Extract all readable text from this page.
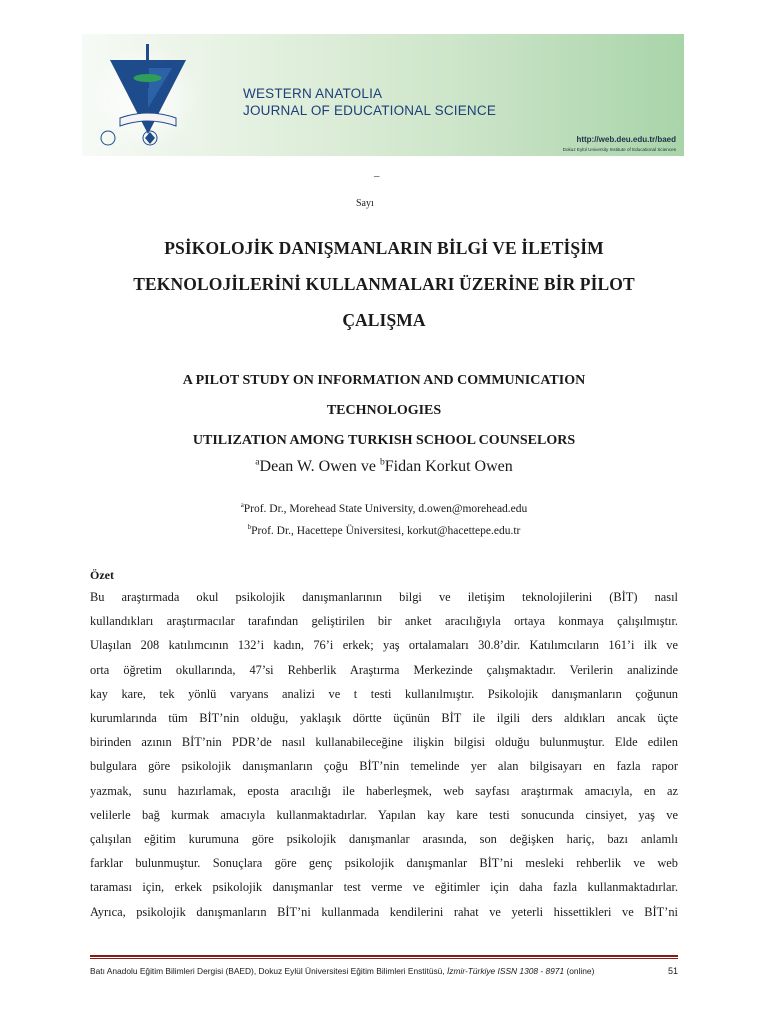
WESTERN ANATOLIA
JOURNAL OF EDUCATIONAL SCIENCE
http://web.deu.edu.tr/baed
Dokuz Eylül University Institute of Educational Sciences
–
Sayı
PSİKOLOJİK DANIŞMANLARIN BİLGİ VE İLETİŞİM
TEKNOLOJİLERİNİ KULLANMALARI ÜZERİNE BİR PİLOT
ÇALIŞMA
A PILOT STUDY ON INFORMATION AND COMMUNICATION
TECHNOLOGIES
UTILIZATION AMONG TURKISH SCHOOL COUNSELORS
$^a$Dean W. Owen ve $^b$Fidan Korkut Owen
$^a$Prof. Dr., Morehead State University, d.owen@morehead.edu
$^b$Prof. Dr., Hacettepe Üniversitesi, korkut@hacettepe.edu.tr
Özet
Bu araştırmada okul psikolojik danışmanlarının bilgi ve iletişim teknolojilerini (BİT) nasıl
kullandıkları araştırmacılar tarafından geliştirilen bir anket aracılığıyla ortaya konmaya çalışılmıştır.
Ulaşılan 208 katılımcının 132’i kadın, 76’i erkek; yaş ortalamaları 30.8’dir. Katılımcıların 161’i ilk ve
orta öğretim okullarında, 47’si Rehberlik Araştırma Merkezinde çalışmaktadır. Verilerin analizinde
kay kare, tek yönlü varyans analizi ve t testi kullanılmıştır. Psikolojik danışmanların çoğunun
kurumlarında tüm BİT’nin olduğu, yaklaşık dörtte üçünün BİT ile ilgili ders aldıkları ancak üçte
birinden azının BİT’nin PDR’de nasıl kullanabileceğine ilişkin bilgisi olduğu bulunmuştur. Elde edilen
bulgulara göre psikolojik danışmanların çoğu BİT’nin temelinde yer alan bilgisayarı en fazla rapor
yazmak, sunu hazırlamak, eposta aracılığı ile haberleşmek, web sayfası araştırmak amacıyla, en az
velilerle bağ kurmak amacıyla kullanmaktadırlar. Yapılan kay kare testi sonucunda cinsiyet, yaş ve
çalışılan eğitim kurumuna göre psikolojik danışmanlar arasında, son değişken hariç, bazı anlamlı
farklar bulunmuştur. Sonuçlara göre genç psikolojik danışmanlar BİT’ni mesleki rehberlik ve web
taraması için, erkek psikolojik danışmanlar test verme ve eğitimler için daha fazla kullanmaktadırlar.
Ayrıca, psikolojik danışmanların BİT’ni kullanmada kendilerini rahat ve yeterli hissettikleri ve BİT’ni
Batı Anadolu Eğitim Bilimleri Dergisi (BAED), Dokuz Eylül Üniversitesi Eğitim Bilimleri Enstitüsü, İzmir-Türkiye ISSN 1308 - 8971 (online)	51
